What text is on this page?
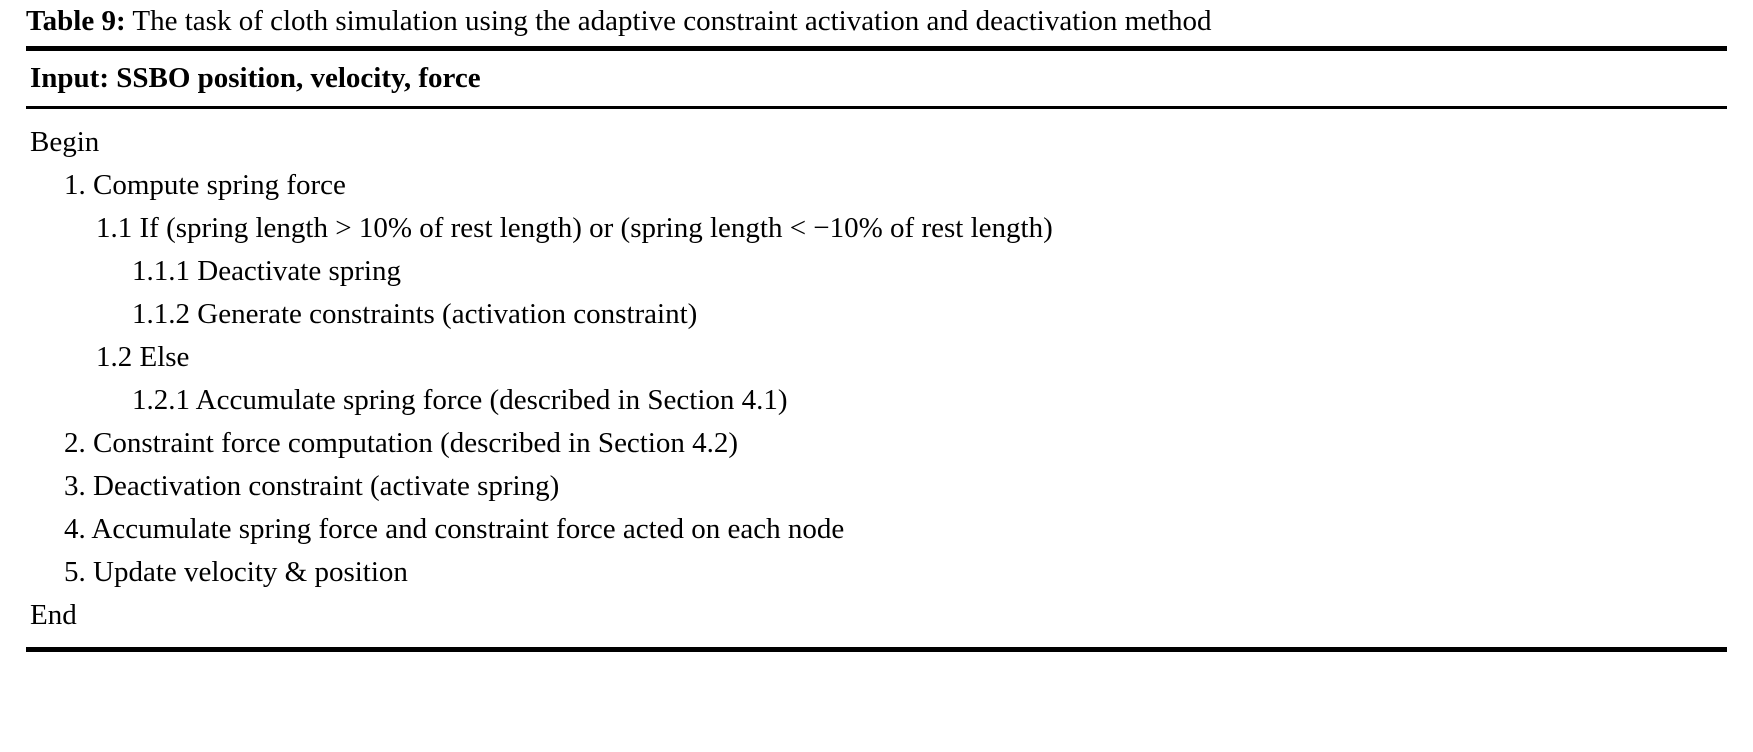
Table 9: The task of cloth simulation using the adaptive constraint activation and deactivation method
Input: SSBO position, velocity, force
Begin
1. Compute spring force
1.1 If (spring length > 10% of rest length) or (spring length < −10% of rest length)
1.1.1 Deactivate spring
1.1.2 Generate constraints (activation constraint)
1.2 Else
1.2.1 Accumulate spring force (described in Section 4.1)
2. Constraint force computation (described in Section 4.2)
3. Deactivation constraint (activate spring)
4. Accumulate spring force and constraint force acted on each node
5. Update velocity & position
End
